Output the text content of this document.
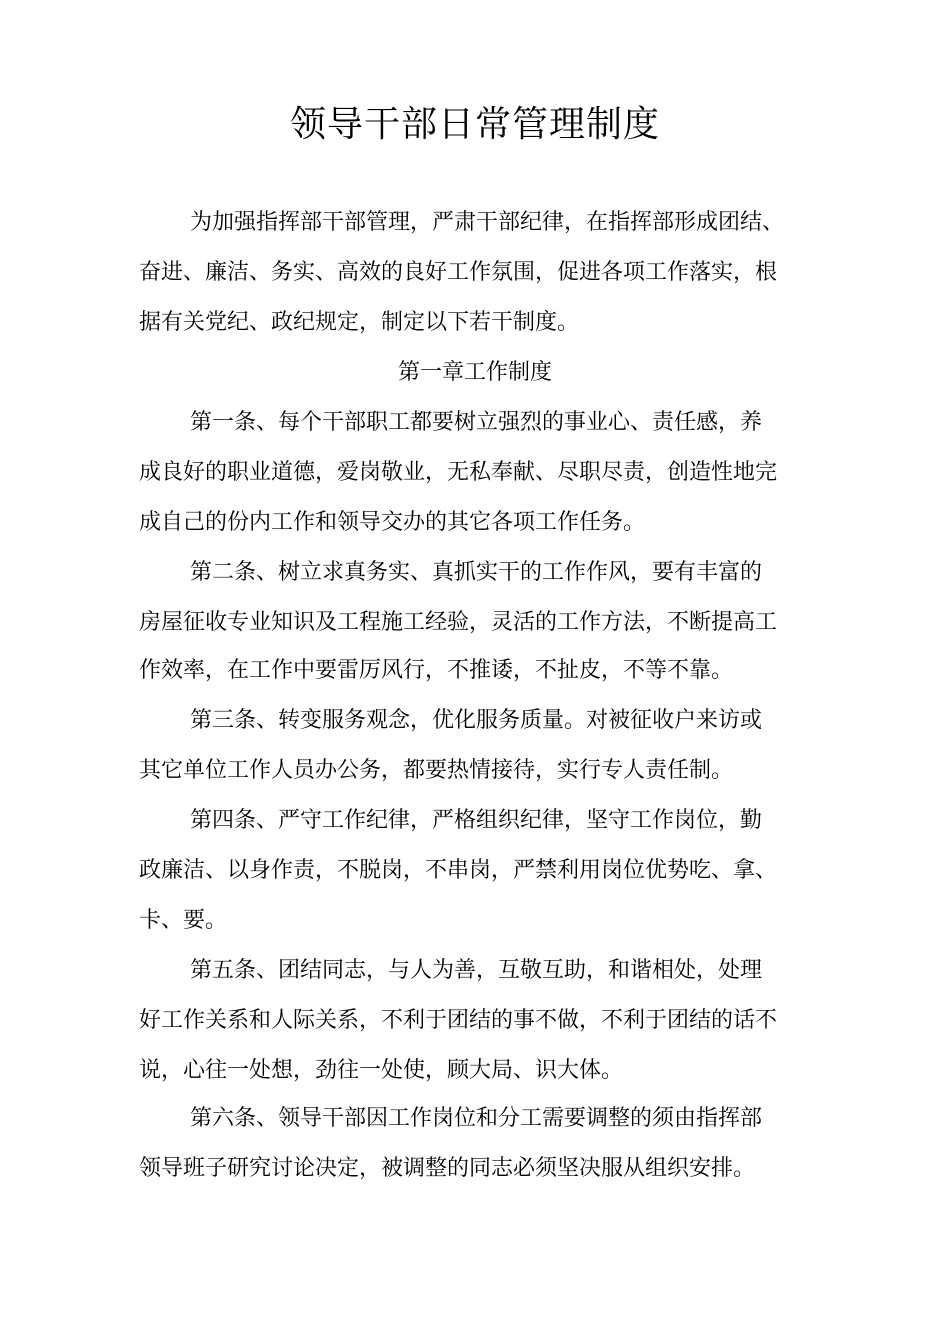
领导干部日常管理制度
为加强指挥部干部管理，严肃干部纪律，在指挥部形成团结、
奋进、廉洁、务实、高效的良好工作氛围，促进各项工作落实，根
据有关党纪、政纪规定，制定以下若干制度。
第一章工作制度
第一条、每个干部职工都要树立强烈的事业心、责任感，养
成良好的职业道德，爱岗敬业，无私奉献、尽职尽责，创造性地完
成自己的份内工作和领导交办的其它各项工作任务。
第二条、树立求真务实、真抓实干的工作作风，要有丰富的
房屋征收专业知识及工程施工经验，灵活的工作方法，不断提高工
作效率，在工作中要雷厉风行，不推诿，不扯皮，不等不靠。
第三条、转变服务观念，优化服务质量。对被征收户来访或
其它单位工作人员办公务，都要热情接待，实行专人责任制。
第四条、严守工作纪律，严格组织纪律，坚守工作岗位，勤
政廉洁、以身作责，不脱岗，不串岗，严禁利用岗位优势吃、拿、
卡、要。
第五条、团结同志，与人为善，互敬互助，和谐相处，处理
好工作关系和人际关系，不利于团结的事不做，不利于团结的话不
说，心往一处想，劲往一处使，顾大局、识大体。
第六条、领导干部因工作岗位和分工需要调整的须由指挥部
领导班子研究讨论决定，被调整的同志必须坚决服从组织安排。
